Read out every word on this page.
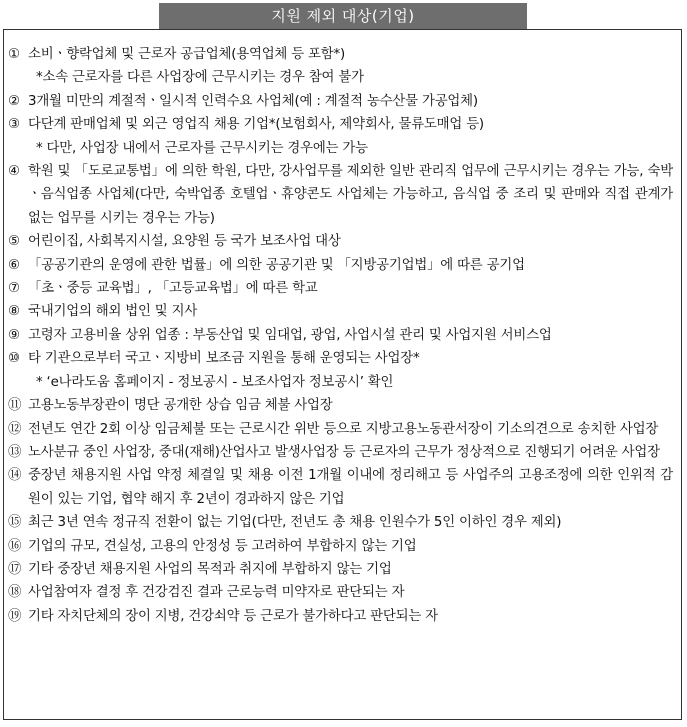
지원 제외 대상(기업)
① 소비ㆍ향락업체 및 근로자 공급업체(용역업체 등 포함*)
*소속 근로자를 다른 사업장에 근무시키는 경우 참여 불가
② 3개월 미만의 계절적ㆍ일시적 인력수요 사업체(예 : 계절적 농수산물 가공업체)
③ 다단계 판매업체 및 외근 영업직 채용 기업*(보험회사, 제약회사, 물류도매업 등)
* 다만, 사업장 내에서 근로자를 근무시키는 경우에는 가능
④ 학원 및 「도로교통법」에 의한 학원, 다만, 강사업무를 제외한 일반 관리직 업무에 근무시키는 경우는 가능, 숙박ㆍ음식업종 사업체(다만, 숙박업종 호텔업ㆍ휴양콘도 사업체는 가능하고, 음식업 중 조리 및 판매와 직접 관계가 없는 업무를 시키는 경우는 가능)
⑤ 어린이집, 사회복지시설, 요양원 등 국가 보조사업 대상
⑥ 「공공기관의 운영에 관한 법률」에 의한 공공기관 및 「지방공기업법」에 따른 공기업
⑦ 「초ㆍ중등 교육법」, 「고등교육법」에 따른 학교
⑧ 국내기업의 해외 법인 및 지사
⑨ 고령자 고용비율 상위 업종 : 부동산업 및 임대업, 광업, 사업시설 관리 및 사업지원 서비스업
⑩ 타 기관으로부터 국고ㆍ지방비 보조금 지원을 통해 운영되는 사업장*
* ‘e나라도움 홈페이지 - 정보공시 - 보조사업자 정보공시’ 확인
⑪ 고용노동부장관이 명단 공개한 상습 임금 체불 사업장
⑫ 전년도 연간 2회 이상 임금체불 또는 근로시간 위반 등으로 지방고용노동관서장이 기소의견으로 송치한 사업장
⑬ 노사분규 중인 사업장, 중대(재해)산업사고 발생사업장 등 근로자의 근무가 정상적으로 진행되기 어려운 사업장
⑭ 중장년 채용지원 사업 약정 체결일 및 채용 이전 1개월 이내에 정리해고 등 사업주의 고용조정에 의한 인위적 감원이 있는 기업, 협약 해지 후 2년이 경과하지 않은 기업
⑮ 최근 3년 연속 정규직 전환이 없는 기업(다만, 전년도 총 채용 인원수가 5인 이하인 경우 제외)
⑯ 기업의 규모, 견실성, 고용의 안정성 등 고려하여 부합하지 않는 기업
⑰ 기타 중장년 채용지원 사업의 목적과 취지에 부합하지 않는 기업
⑱ 사업참여자 결정 후 건강검진 결과 근로능력 미약자로 판단되는 자
⑲ 기타 자치단체의 장이 지병, 건강쇠약 등 근로가 불가하다고 판단되는 자
